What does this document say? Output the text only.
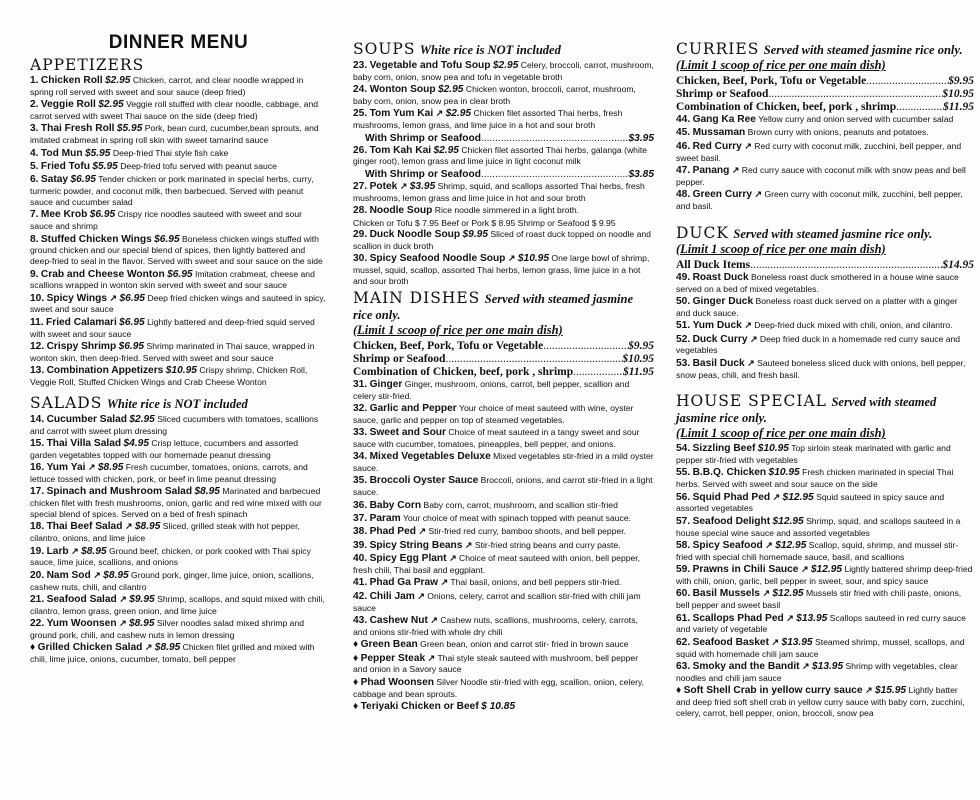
DINNER MENU
APPETIZERS
1. Chicken Roll $2.95 Chicken, carrot, and clear noodle wrapped in spring roll served with sweet and sour sauce (deep fried)
2. Veggie Roll $2.95 Veggie roll stuffed with clear noodle, cabbage, and carrot served with sweet Thai sauce on the side (deep fried)
3. Thai Fresh Roll $5.95 Pork, bean curd, cucumber,bean sprouts, and imitated crabmeat in spring roll skin with sweet tamarind sauce
4. Tod Mun $5.95 Deep-fried Thai style fish cake
5. Fried Tofu $5.95 Deep-fried tofu served with peanut sauce
6. Satay $6.95 Tender chicken or pork marinated in special herbs, curry, turmeric powder, and coconut milk, then barbecued. Served with peanut sauce and cucumber salad
7. Mee Krob $6.95 Crispy rice noodles sauteed with sweet and sour sauce and shrimp
8. Stuffed Chicken Wings $6.95 Boneless chicken wings stuffed with ground chicken and our special blend of spices, then lightly battered and deep-fried to seal in the flavor. Served with sweet and sour sauce on the side
9. Crab and Cheese Wonton $6.95 Imitation crabmeat, cheese and scallions wrapped in wonton skin served with sweet and sour sauce
10. Spicy Wings ↗ $6.95 Deep fried chicken wings and sauteed in spicy, sweet and sour sauce
11. Fried Calamari $6.95 Lightly battered and deep-fried squid served with sweet and sour sauce
12. Crispy Shrimp $6.95 Shrimp marinated in Thai sauce, wrapped in wonton skin, then deep-fried. Served with sweet and sour sauce
13. Combination Appetizers $10.95 Crispy shrimp, Chicken Roll, Veggie Roll, Stuffed Chicken Wings and Crab Cheese Wonton
SALADS White rice is NOT included
14. Cucumber Salad $2.95 Sliced cucumbers with tomatoes, scallions and carrot with sweet plum dressing
15. Thai Villa Salad $4.95 Crisp lettuce, cucumbers and assorted garden vegetables topped with our homemade peanut dressing
16. Yum Yai ↗ $8.95 Fresh cucumber, tomatoes, onions, carrots, and lettuce tossed with chicken, pork, or beef in lime peanut dressing
17. Spinach and Mushroom Salad $8.95 Marinated and barbecued chicken filet with fresh mushrooms, onion, garlic and red wine mixed with our special blend of spices. Served on a bed of fresh spinach
18. Thai Beef Salad ↗ $8.95 Sliced, grilled steak with hot pepper, cilantro, onions, and lime juice
19. Larb ↗ $8.95 Ground beef, chicken, or pork cooked with Thai spicy sauce, lime juice, scallions, and onions
20. Nam Sod ↗ $8.95 Ground pork, ginger, lime juice, onion, scallions, cashew nuts, chili, and cilantro
21. Seafood Salad ↗ $9.95 Shrimp, scallops, and squid mixed with chili, cilantro, lemon grass, green onion, and lime juice
22. Yum Woonsen ↗ $8.95 Silver noodles salad mixed shrimp and ground pork, chili, and cashew nuts in lemon dressing
♦ Grilled Chicken Salad ↗ $8.95 Chicken filet grilled and mixed with chili, lime juice, onions, cucumber, tomato, bell pepper
SOUPS White rice is NOT included
23. Vegetable and Tofu Soup $2.95 Celery, broccoli, carrot, mushroom, baby corn, onion, snow pea and tofu in vegetable broth
24. Wonton Soup $2.95 Chicken wonton, broccoli, carrot, mushroom, baby corn, onion, snow pea in clear broth
25. Tom Yum Kai ↗ $2.95 Chicken filet assorted Thai herbs, fresh mushrooms, lemon grass, and lime juice in a hot and sour broth
With Shrimp or Seafood .....	$3.95
26. Tom Kah Kai $2.95 Chicken filet assorted Thai herbs, galanga (white ginger root), lemon grass and lime juice in light coconut milk
With Shrimp or Seafood .....	$3.85
27. Potek ↗ $3.95 Shrimp, squid, and scallops assorted Thai herbs, fresh mushrooms, lemon grass and lime juice in hot and sour broth
28. Noodle Soup Rice noodle simmered in a light broth.
Chicken or Tofu $ 7.95 Beef or Pork $ 8.95 Shrimp or Seafood $ 9.95
29. Duck Noodle Soup $9.95 Sliced of roast duck topped on noodle and scallion in duck broth
30. Spicy Seafood Noodle Soup ↗ $10.95 One large bowl of shrimp, mussel, squid, scallop, assorted Thai herbs, lemon grass, lime juice in a hot and sour broth
MAIN DISHES Served with steamed jasmine rice only.
(Limit 1 scoop of rice per one main dish)
Chicken, Beef, Pork, Tofu or Vegetable .....	$9.95
Shrimp or Seafood .....	$10.95
Combination of Chicken, beef, pork , shrimp .....	$11.95
31. Ginger Ginger, mushroom, onions, carrot, bell pepper, scallion and celery stir-fried.
32. Garlic and Pepper Your choice of meat sauteed with wine, oyster sauce, garlic and pepper on top of steamed vegetables.
33. Sweet and Sour Choice of meat sauteed in a tangy sweet and sour sauce with cucumber, tomatoes, pineapples, bell pepper, and onions.
34. Mixed Vegetables Deluxe Mixed vegetables stir-fried in a mild oyster sauce.
35. Broccoli Oyster Sauce Broccoli, onions, and carrot stir-fried in a light sauce.
36. Baby Corn Baby corn, carrot, mushroom, and scallion stir-fried
37. Param Your choice of meat with spinach topped with peanut sauce.
38. Phad Ped ↗ Stir-fried red curry, bamboo shoots, and bell pepper.
39. Spicy String Beans ↗ Stir-fried string beans and curry paste.
40. Spicy Egg Plant ↗ Choice of meat sauteed with onion, bell pepper, fresh chili, Thai basil and eggplant.
41. Phad Ga Praw ↗ Thai basil, onions, and bell peppers stir-fried.
42. Chili Jam ↗ Onions, celery, carrot and scallion stir-fried with chili jam sauce
43. Cashew Nut ↗ Cashew nuts, scallions, mushrooms, celery, carrots, and onions stir-fried with whole dry chili
♦ Green Bean Green bean, onion and carrot stir- fried in brown sauce
♦ Pepper Steak ↗ Thai style steak sauteed with mushroom, bell pepper and onion in a Savory sauce
♦ Phad Woonsen Silver Noodle stir-fried with egg, scallion, onion, celery, cabbage and bean sprouts.
♦ Teriyaki Chicken or Beef $ 10.85
CURRIES Served with steamed jasmine rice only.
(Limit 1 scoop of rice per one main dish)
Chicken, Beef, Pork, Tofu or Vegetable .....	$9.95
Shrimp or Seafood .....	$10.95
Combination of Chicken, beef, pork , shrimp .....	$11.95
44. Gang Ka Ree Yellow curry and onion served with cucumber salad
45. Mussaman Brown curry with onions, peanuts and potatoes.
46. Red Curry ↗ Red curry with coconut milk, zucchini, bell pepper, and sweet basil.
47. Panang ↗ Red curry sauce with coconut milk with snow peas and bell pepper.
48. Green Curry ↗ Green curry with coconut milk, zucchini, bell pepper, and basil.
DUCK Served with steamed jasmine rice only.
(Limit 1 scoop of rice per one main dish)
All Duck Items .....	$14.95
49. Roast Duck Boneless roast duck smothered in a house wine sauce served on a bed of mixed vegetables.
50. Ginger Duck Boneless roast duck served on a platter with a ginger and duck sauce.
51. Yum Duck ↗ Deep-fried duck mixed with chili, onion, and cilantro.
52. Duck Curry ↗ Deep fried duck in a homemade red curry sauce and vegetables
53. Basil Duck ↗ Sauteed boneless sliced duck with onions, bell pepper, snow peas, chili, and fresh basil.
HOUSE SPECIAL Served with steamed jasmine rice only.
(Limit 1 scoop of rice per one main dish)
54. Sizzling Beef $10.95 Top sirloin steak marinated with garlic and pepper stir-fried with vegetables
55. B.B.Q. Chicken $10.95 Fresh chicken marinated in special Thai herbs. Served with sweet and sour sauce on the side
56. Squid Phad Ped ↗ $12.95 Squid sauteed in spicy sauce and assorted vegetables
57. Seafood Delight $12.95 Shrimp, squid, and scallops sauteed in a house special wine sauce and assorted vegetables
58. Spicy Seafood ↗ $12.95 Scallop, squid, shrimp, and mussel stir-fried with special chili homemade sauce, basil, and scallions
59. Prawns in Chili Sauce ↗ $12.95 Lightly battered shrimp deep-fried with chili, onion, garlic, bell pepper in sweet, sour, and spicy sauce
60. Basil Mussels ↗ $12.95 Mussels stir fried with chili paste, onions, bell pepper and sweet basil
61. Scallops Phad Ped ↗ $13.95 Scallops sauteed in red curry sauce and variety of vegetable
62. Seafood Basket ↗ $13.95 Steamed shrimp, mussel, scallops, and squid with homemade chili jam sauce
63. Smoky and the Bandit ↗ $13.95 Shrimp with vegetables, clear noodles and chili jam sauce
♦ Soft Shell Crab in yellow curry sauce ↗ $15.95 Lightly batter and deep fried soft shell crab in yellow curry sauce with baby corn, zucchini, celery, carrot, bell pepper, onion, broccoli, snow pea
